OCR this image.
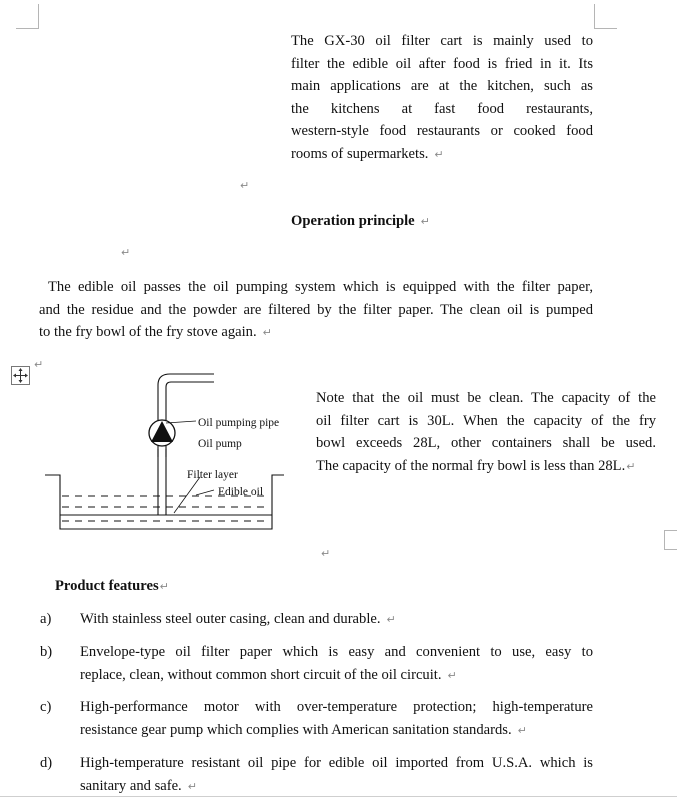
The GX-30 oil filter cart is mainly used to
filter the edible oil after food is fried in it. Its
main applications are at the kitchen, such as
the kitchens at fast food restaurants,
western-style food restaurants or cooked food
rooms of supermarkets. ↵
↵
Operation principle ↵
↵
The edible oil passes the oil pumping system which is equipped with the filter paper,
and the residue and the powder are filtered by the filter paper. The clean oil is pumped
to the fry bowl of the fry stove again. ↵
↵
Oil pumping pipe
Oil pump
Filter layer
Edible oil
Note that the oil must be clean. The capacity of the
oil filter cart is 30L. When the capacity of the fry
bowl exceeds 28L, other containers shall be used.
The capacity of the normal fry bowl is less than 28L.↵
↵
Product features↵
a)	With stainless steel outer casing, clean and durable. ↵
b)	Envelope-type oil filter paper which is easy and convenient to use, easy to
replace, clean, without common short circuit of the oil circuit. ↵
c)	High-performance motor with over-temperature protection; high-temperature
resistance gear pump which complies with American sanitation standards. ↵
d)	High-temperature resistant oil pipe for edible oil imported from U.S.A. which is
sanitary and safe. ↵
